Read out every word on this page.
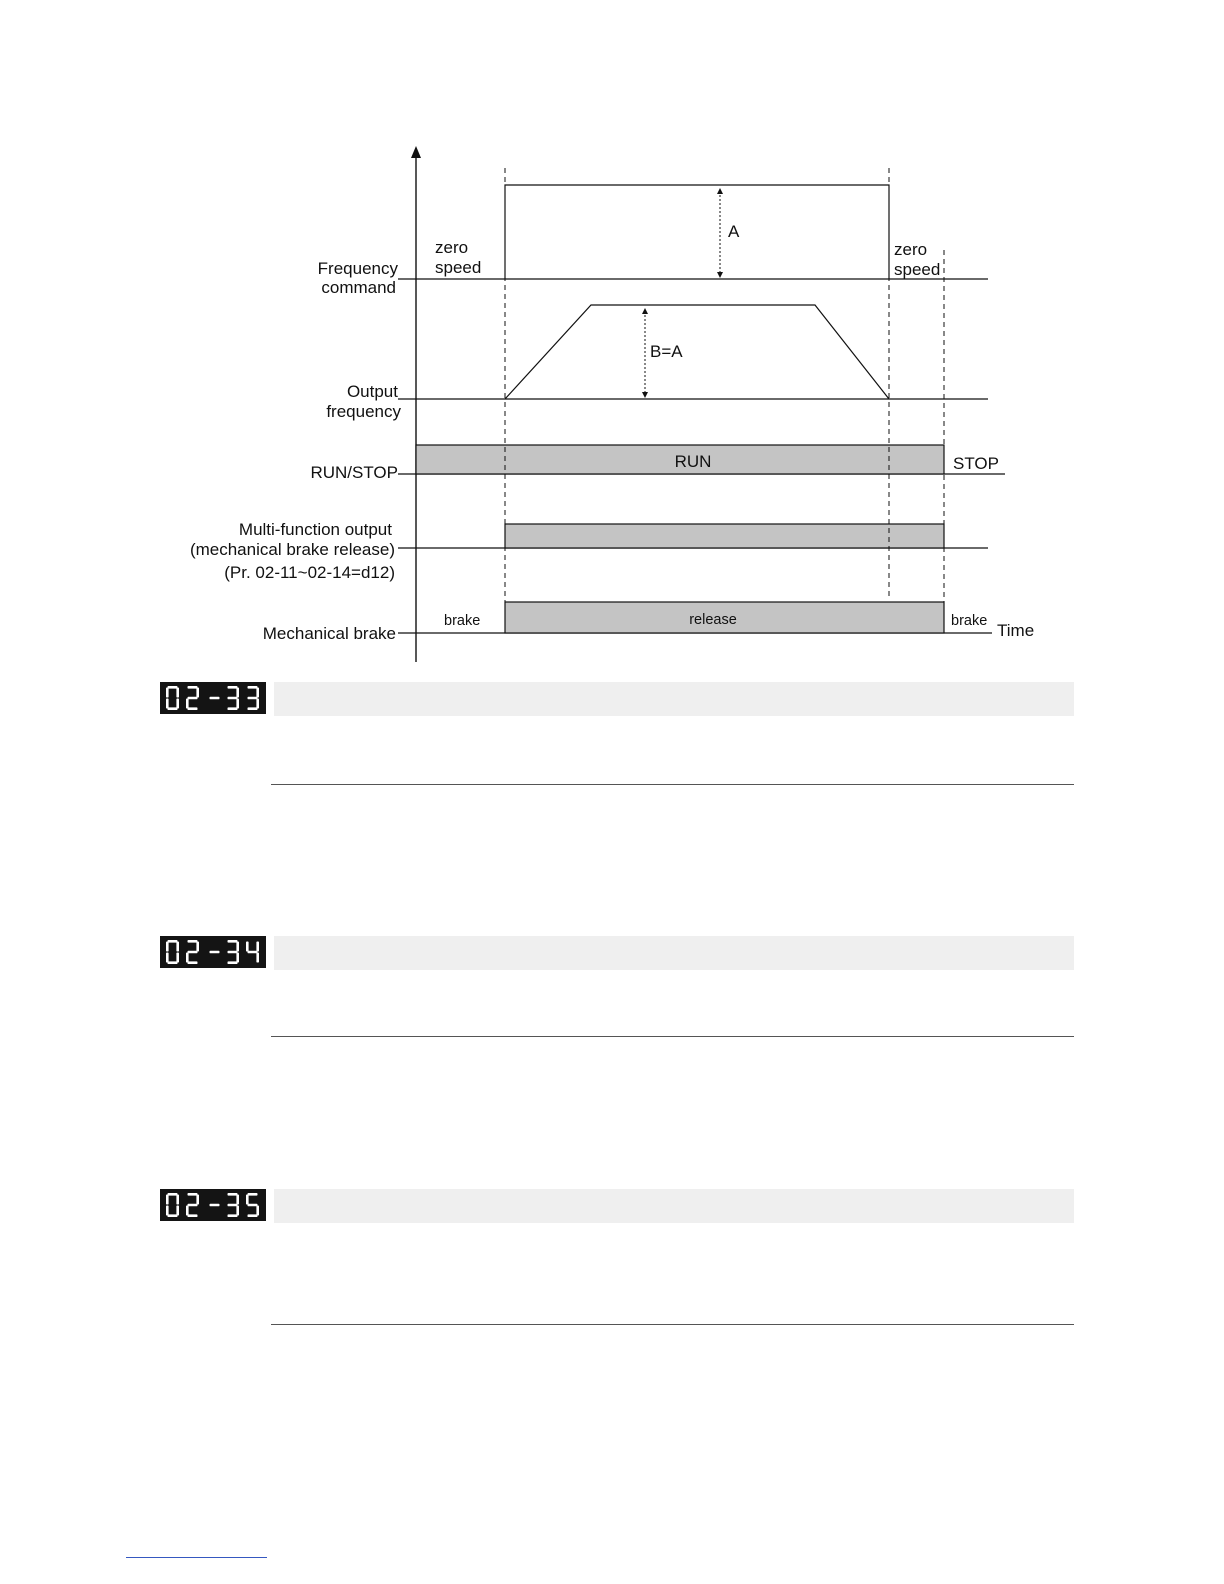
Frequency
command
Output
frequency
RUN/STOP
Multi-function output
(mechanical brake release)
(Pr. 02-11~02-14=d12)
Mechanical brake
zero
speed
zero
speed
A
B=A
RUN	STOP
brake	release	brake Time
